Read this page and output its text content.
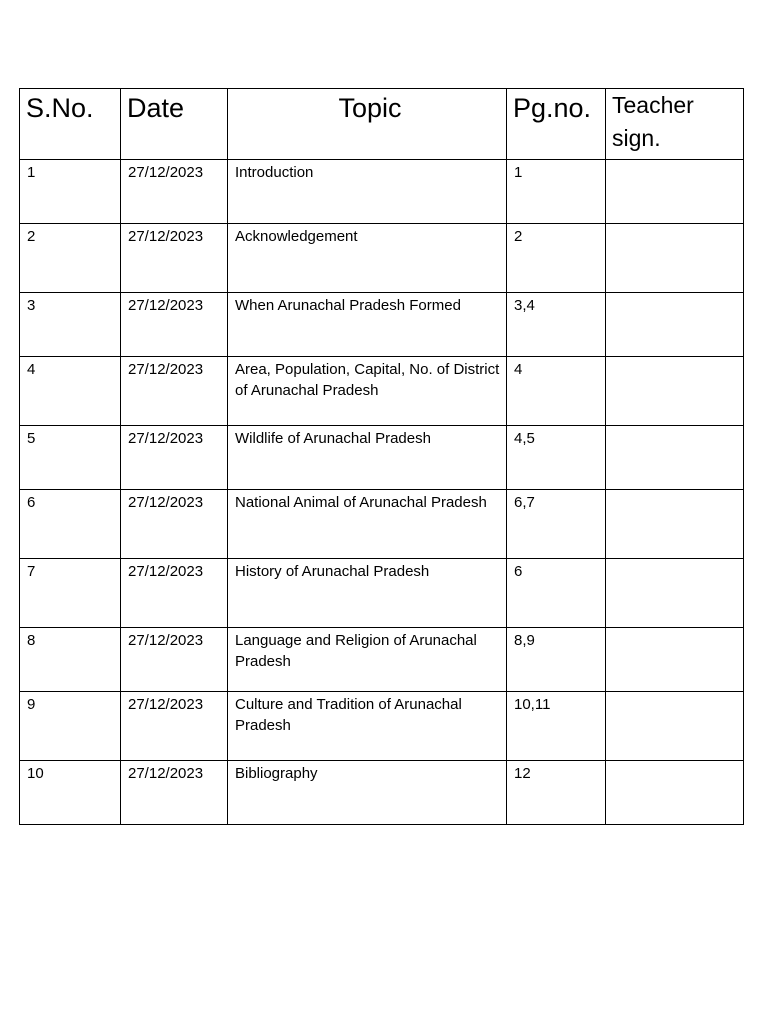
S.No.	Date	Topic	Pg.no.	Teacher sign.
1	27/12/2023	Introduction	1	
2	27/12/2023	Acknowledgement	2	
3	27/12/2023	When Arunachal Pradesh Formed	3,4	
4	27/12/2023	Area, Population, Capital, No. of District of Arunachal Pradesh	4	
5	27/12/2023	Wildlife of Arunachal Pradesh	4,5	
6	27/12/2023	National Animal of Arunachal Pradesh	6,7	
7	27/12/2023	History of Arunachal Pradesh	6	
8	27/12/2023	Language and Religion of Arunachal Pradesh	8,9	
9	27/12/2023	Culture and Tradition of Arunachal Pradesh	10,11	
10	27/12/2023	Bibliography	12	
